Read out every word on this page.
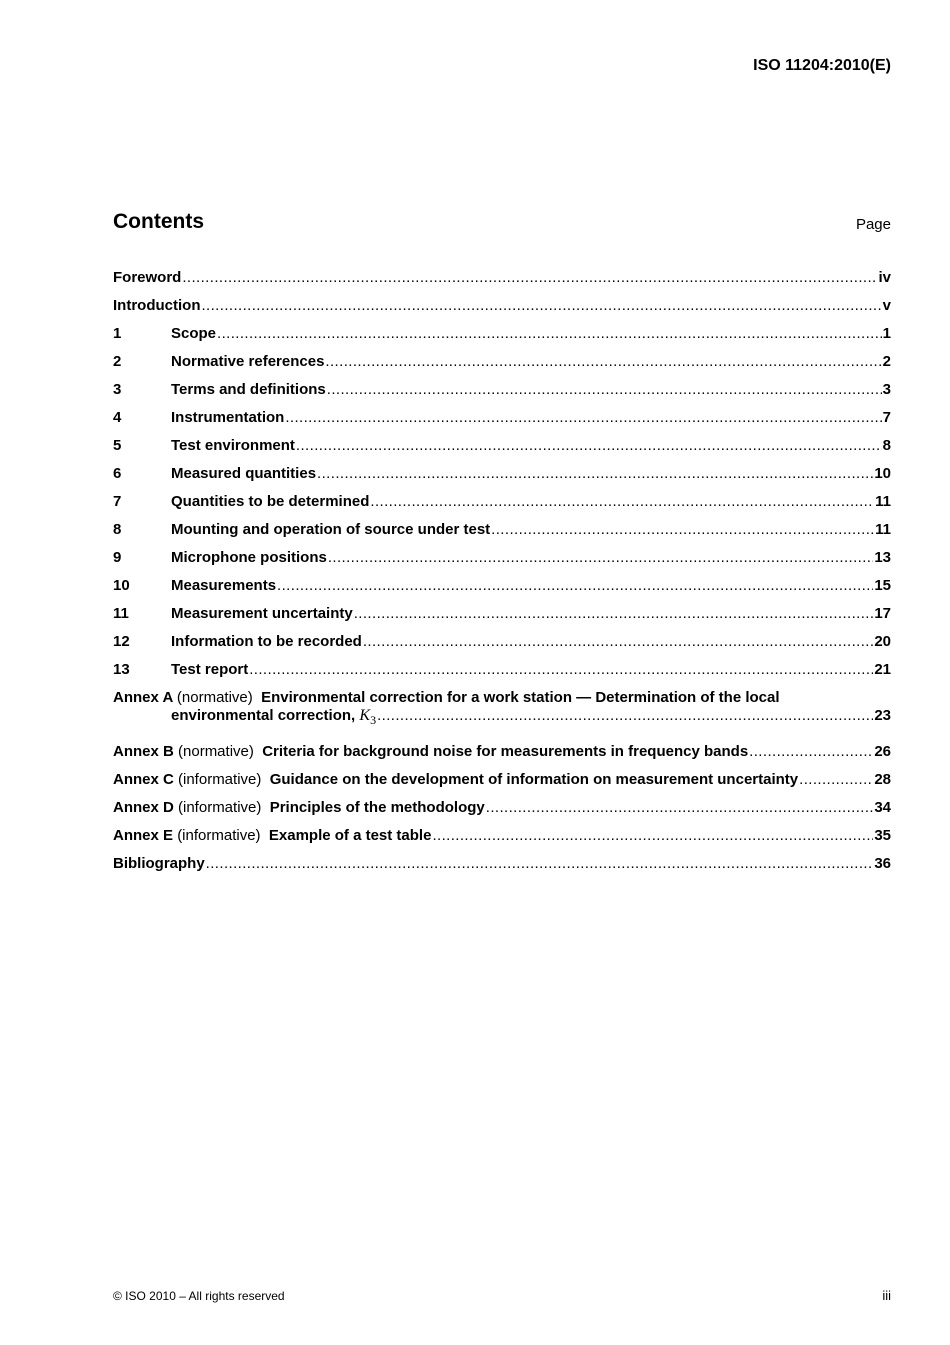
ISO 11204:2010(E)
Contents	Page
Foreword .....	iv
Introduction .....	v
1	Scope .....	1
2	Normative references .....	2
3	Terms and definitions .....	3
4	Instrumentation .....	7
5	Test environment .....	8
6	Measured quantities .....	10
7	Quantities to be determined .....	11
8	Mounting and operation of source under test .....	11
9	Microphone positions .....	13
10	Measurements .....	15
11	Measurement uncertainty .....	17
12	Information to be recorded .....	20
13	Test report .....	21
Annex A (normative) Environmental correction for a work station — Determination of the local
environmental correction,
$K_3$ .....	23
Annex B (normative) Criteria for background noise for measurements in frequency bands .....	26
Annex C (informative) Guidance on the development of information on measurement uncertainty .....	28
Annex D (informative) Principles of the methodology .....	34
Annex E (informative) Example of a test table .....	35
Bibliography .....	36
© ISO 2010 – All rights reserved	iii
